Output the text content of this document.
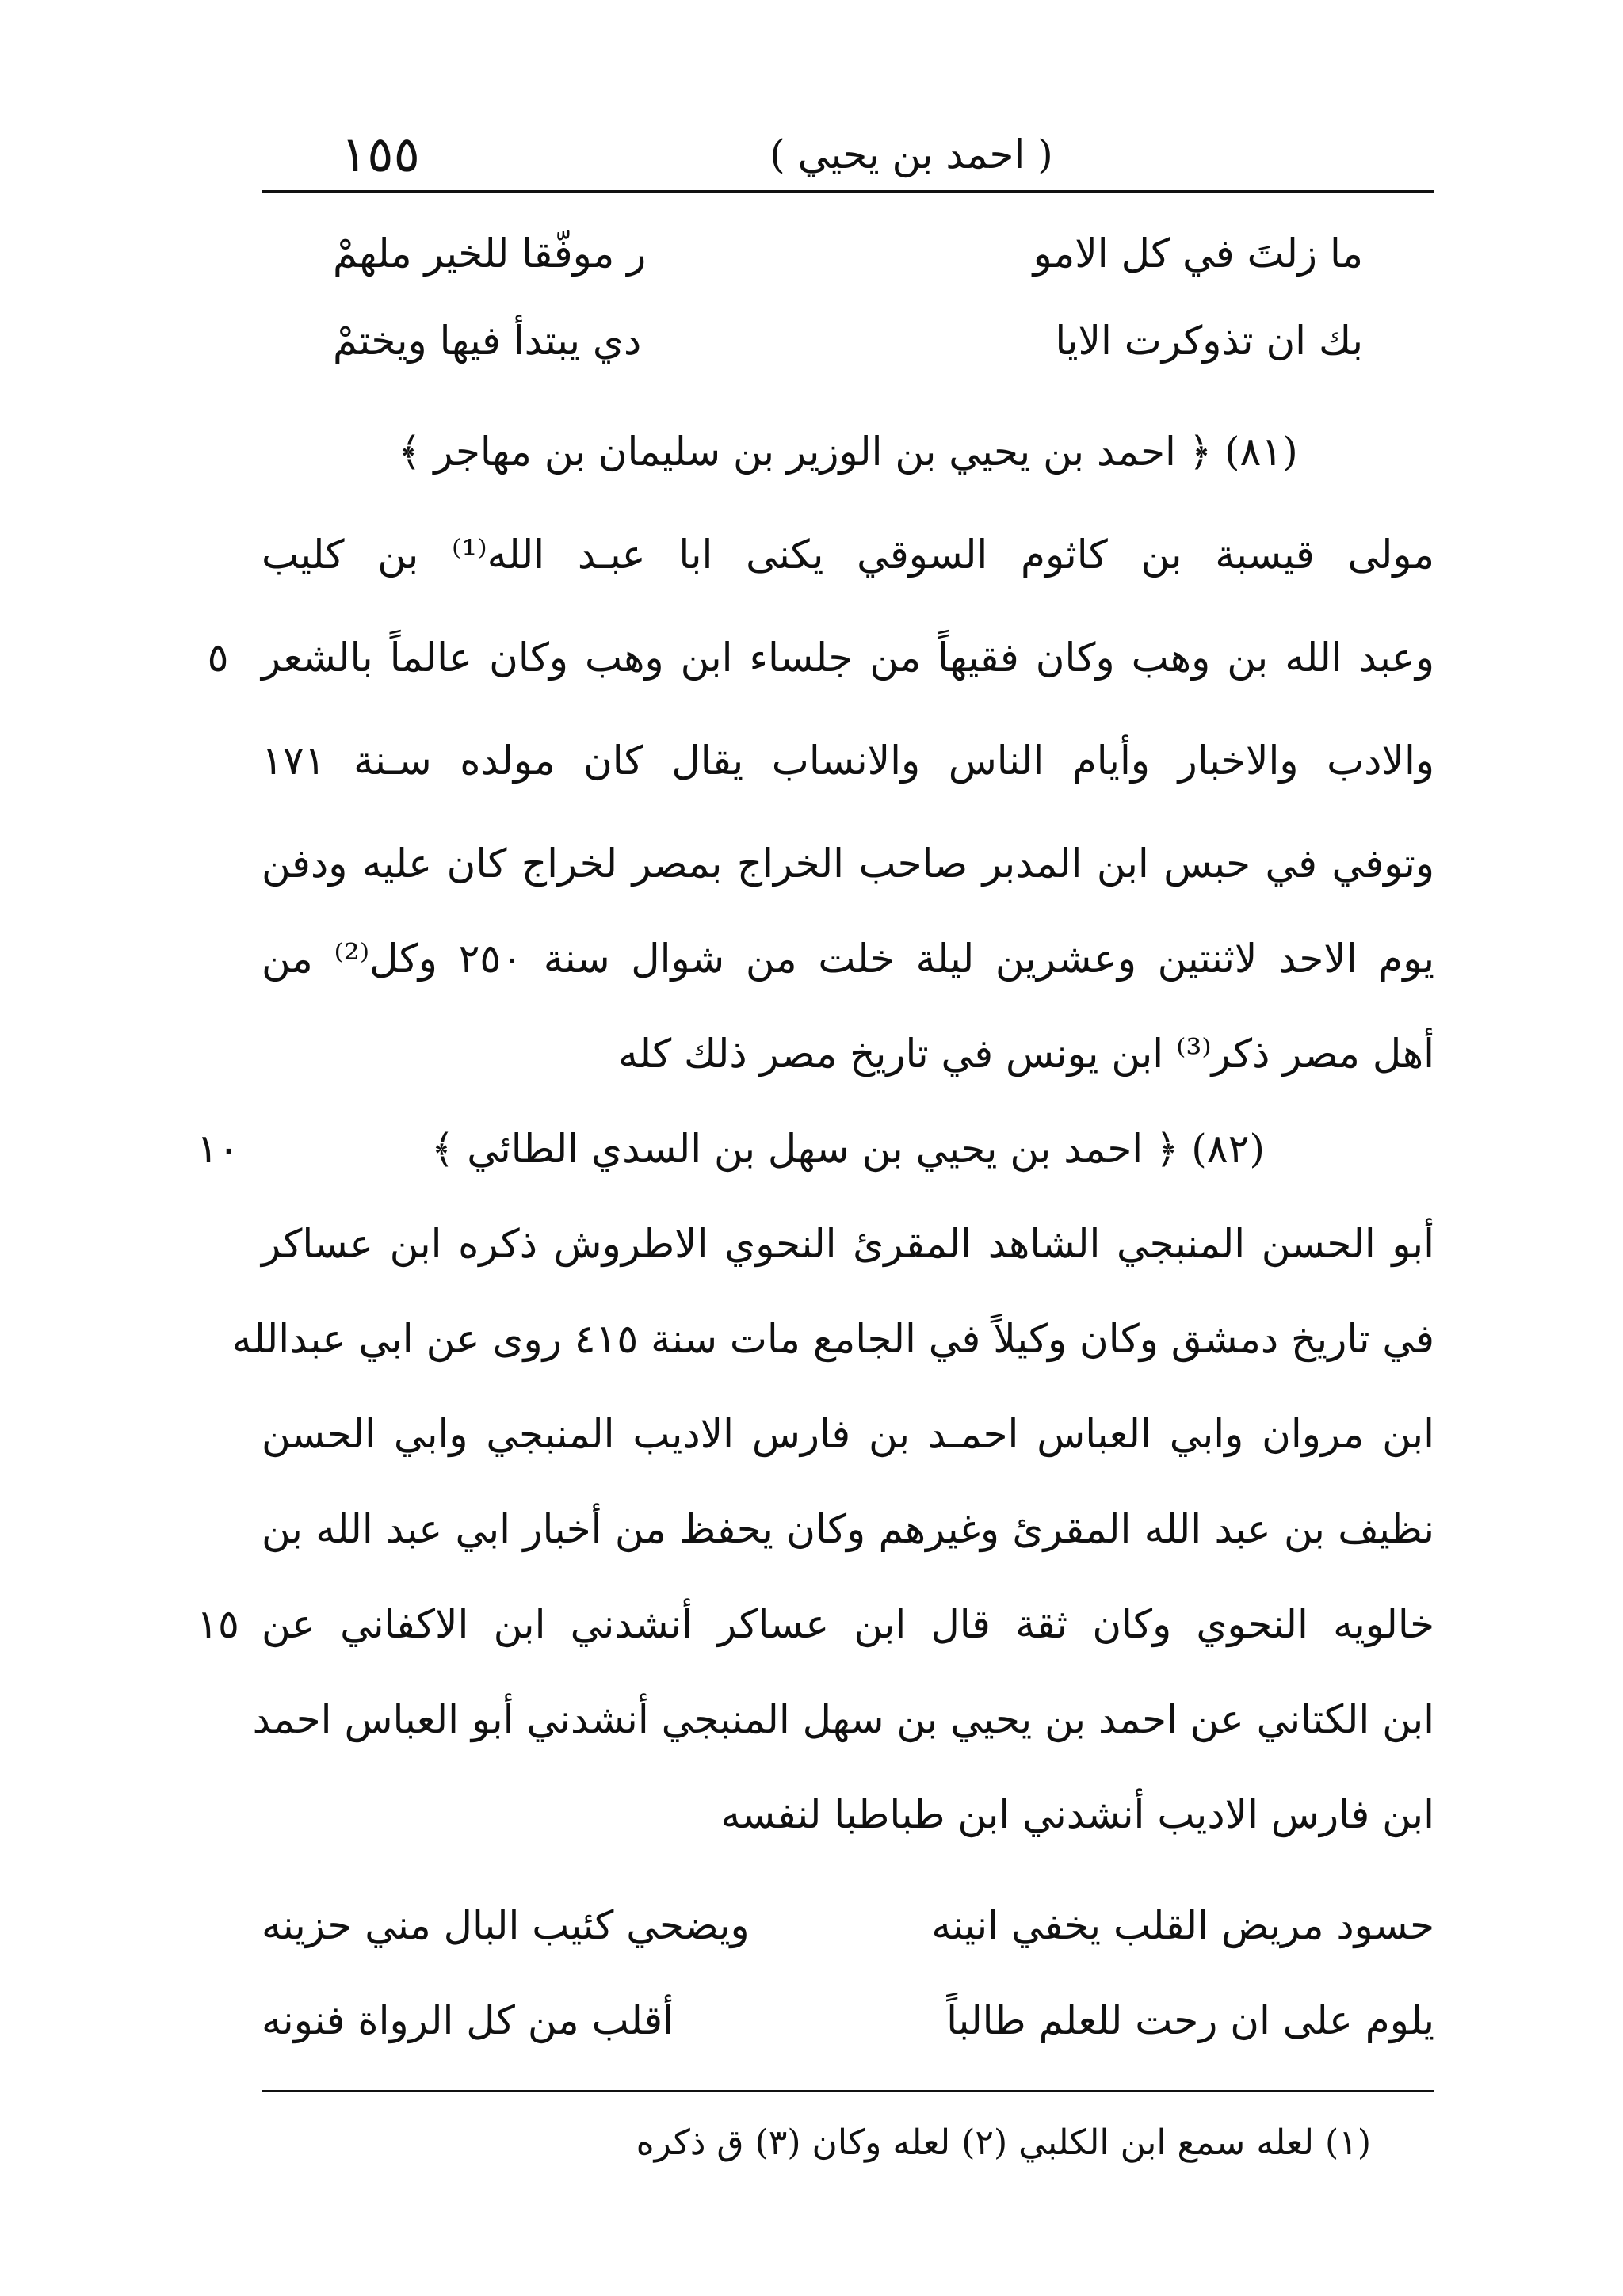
١٥٥	( احمد بن يحيي )
ما زلتَ في كل الامو
ر موفّقا للخير ملهمْ
بك ان تذوكرت الايا
دي يبتدأ فيها ويختمْ
(٨١) ﴿ احمد بن يحيي بن الوزير بن سليمان بن مهاجر ﴾
مولى قيسبة بن كاثوم السوقي يكنى ابا عبـد الله⁽¹⁾ بن كليب
وعبد الله بن وهب وكان فقيهاً من جلساء ابن وهب وكان عالماً بالشعر
والادب والاخبار وأيام الناس والانساب يقال كان مولده سـنة ١٧١
وتوفي في حبس ابن المدبر صاحب الخراج بمصر لخراج كان عليه ودفن
يوم الاحد لاثنتين وعشرين ليلة خلت من شوال سنة ٢٥٠ وكل⁽²⁾ من
أهل مصر ذكر⁽³⁾ ابن يونس في تاريخ مصر ذلك كله
(٨٢) ﴿ احمد بن يحيي بن سهل بن السدي الطائي ﴾
أبو الحسن المنبجي الشاهد المقرئ النحوي الاطروش ذكره ابن عساكر
في تاريخ دمشق وكان وكيلاً في الجامع مات سنة ٤١٥ روى عن ابي عبدالله
ابن مروان وابي العباس احمـد بن فارس الاديب المنبجي وابي الحسن
نظيف بن عبد الله المقرئ وغيرهم وكان يحفظ من أخبار ابي عبد الله بن
خالويه النحوي وكان ثقة قال ابن عساكر أنشدني ابن الاكفاني عن
ابن الكتاني عن احمد بن يحيي بن سهل المنبجي أنشدني أبو العباس احمد
ابن فارس الاديب أنشدني ابن طباطبا لنفسه
حسود مريض القلب يخفي انينه
ويضحي كئيب البال مني حزينه
يلوم على ان رحت للعلم طالباً
أقلب من كل الرواة فنونه
٥
١٠
١٥
(١) لعله سمع ابن الكلبي (٢) لعله وكان (٣) ق ذكره
